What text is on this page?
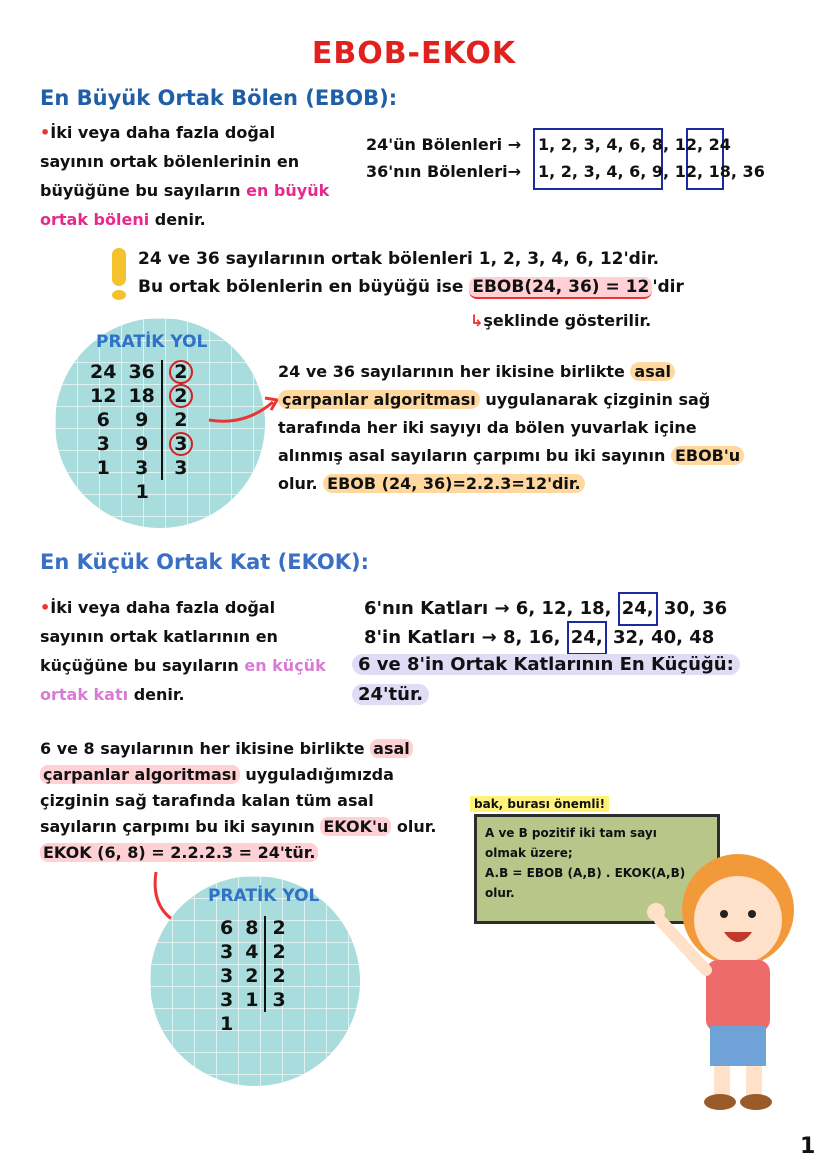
EBOB-EKOK
En Büyük Ortak Bölen (EBOB):
•İki veya daha fazla doğal
sayının ortak bölenlerinin en
büyüğüne bu sayıların en büyük
ortak böleni denir.
24'ün Bölenleri →
36'nın Bölenleri→
1, 2, 3, 4, 6, 8, 12, 24
1, 2, 3, 4, 6, 9, 12, 18, 36
24 ve 36 sayılarının ortak bölenleri 1, 2, 3, 4, 6, 12'dir.
Bu ortak bölenlerin en büyüğü ise EBOB(24, 36) = 12 'dir
↳şeklinde gösterilir.
PRATİK YOL
24	36	2
12	18	2
6	9	2
3	9	3
1	3	3
	1	
24 ve 36 sayılarının her ikisine birlikte asal
çarpanlar algoritması uygulanarak çizginin sağ
tarafında her iki sayıyı da bölen yuvarlak içine
alınmış asal sayıların çarpımı bu iki sayının EBOB'u
olur. EBOB (24, 36)=2.2.3=12'dir.
En Küçük Ortak Kat (EKOK):
•İki veya daha fazla doğal
sayının ortak katlarının en
küçüğüne bu sayıların en küçük
ortak katı denir.
6'nın Katları → 6, 12, 18, 24, 30, 36
8'in Katları → 8, 16, 24, 32, 40, 48
6 ve 8'in Ortak Katlarının En Küçüğü:
24'tür.
6 ve 8 sayılarının her ikisine birlikte asal
çarpanlar algoritması uyguladığımızda
çizginin sağ tarafında kalan tüm asal
sayıların çarpımı bu iki sayının EKOK'u olur.
EKOK (6, 8) = 2.2.2.3 = 24'tür.
PRATİK YOL
6	8	2
3	4	2
3	2	2
3	1	3
1		
bak, burası önemli!
A ve B pozitif iki tam sayı
olmak üzere;
A.B = EBOB (A,B) . EKOK(A,B)
olur.
1
